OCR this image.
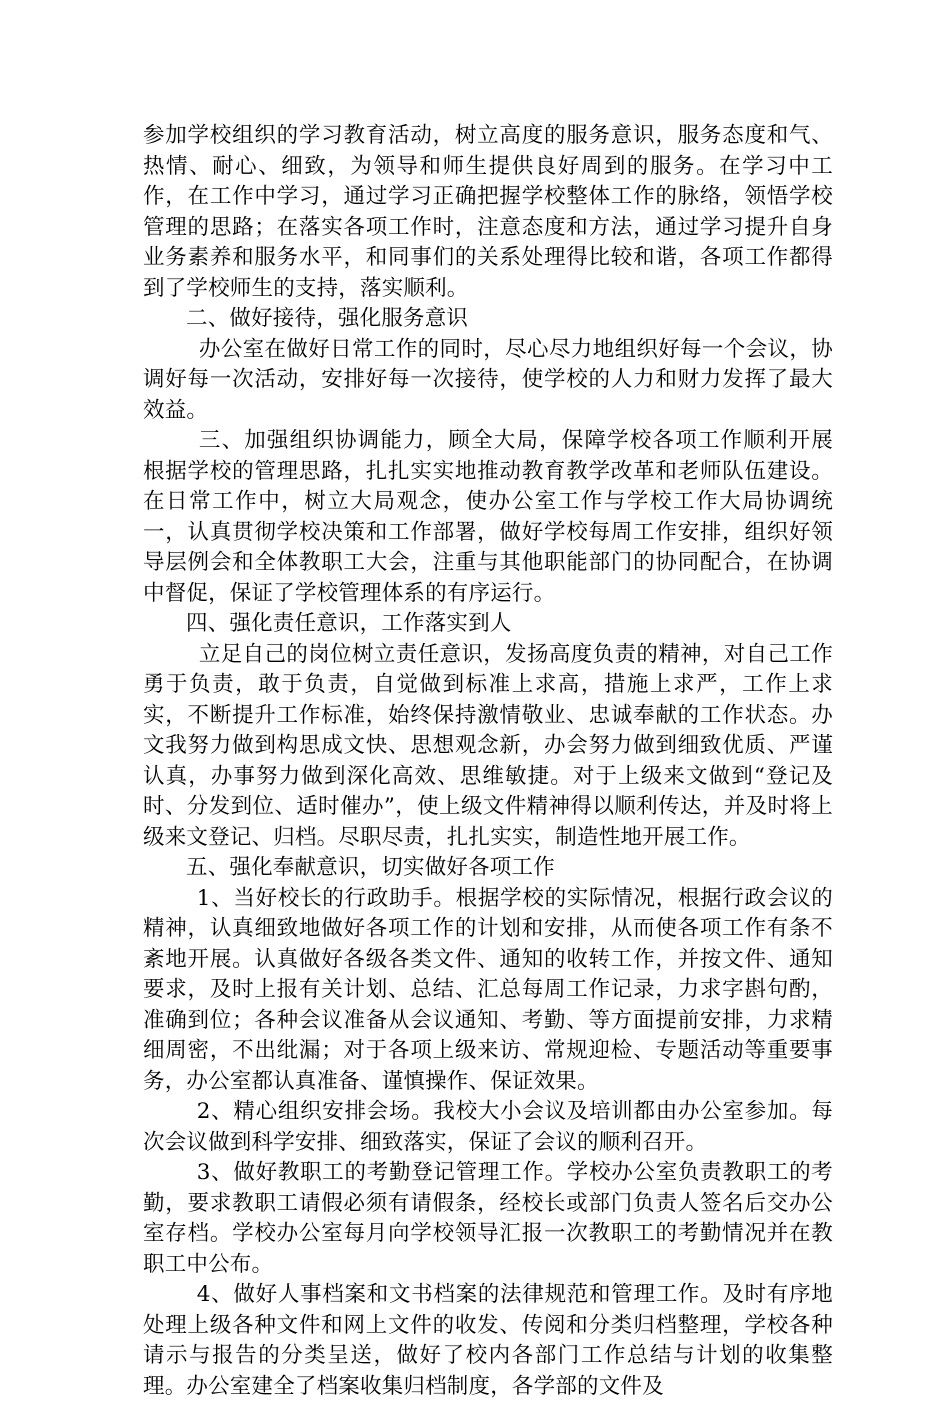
参加学校组织的学习教育活动，树立高度的服务意识，服务态度和气、热情、耐心、细致，为领导和师生提供良好周到的服务。在学习中工作，在工作中学习，通过学习正确把握学校整体工作的脉络，领悟学校管理的思路；在落实各项工作时，注意态度和方法，通过学习提升自身业务素养和服务水平，和同事们的关系处理得比较和谐，各项工作都得到了学校师生的支持，落实顺利。

二、做好接待，强化服务意识

办公室在做好日常工作的同时，尽心尽力地组织好每一个会议，协调好每一次活动，安排好每一次接待，使学校的人力和财力发挥了最大效益。

三、加强组织协调能力，顾全大局，保障学校各项工作顺利开展 根据学校的管理思路，扎扎实实地推动教育教学改革和老师队伍建设。在日常工作中，树立大局观念，使办公室工作与学校工作大局协调统一，认真贯彻学校决策和工作部署，做好学校每周工作安排，组织好领导层例会和全体教职工大会，注重与其他职能部门的协同配合，在协调中督促，保证了学校管理体系的有序运行。

四、强化责任意识，工作落实到人

立足自己的岗位树立责任意识，发扬高度负责的精神，对自己工作勇于负责，敢于负责，自觉做到标准上求高，措施上求严，工作上求实，不断提升工作标准，始终保持激情敬业、忠诚奉献的工作状态。办文我努力做到构思成文快、思想观念新，办会努力做到细致优质、严谨认真，办事努力做到深化高效、思维敏捷。对于上级来文做到“登记及时、分发到位、适时催办”，使上级文件精神得以顺利传达，并及时将上级来文登记、归档。尽职尽责，扎扎实实，制造性地开展工作。

五、强化奉献意识，切实做好各项工作

1、当好校长的行政助手。根据学校的实际情况，根据行政会议的精神，认真细致地做好各项工作的计划和安排，从而使各项工作有条不紊地开展。认真做好各级各类文件、通知的收转工作，并按文件、通知要求，及时上报有关计划、总结、汇总每周工作记录，力求字斟句酌，准确到位；各种会议准备从会议通知、考勤、等方面提前安排，力求精细周密，不出纰漏；对于各项上级来访、常规迎检、专题活动等重要事务，办公室都认真准备、谨慎操作、保证效果。

2、精心组织安排会场。我校大小会议及培训都由办公室参加。每次会议做到科学安排、细致落实，保证了会议的顺利召开。

3、做好教职工的考勤登记管理工作。学校办公室负责教职工的考勤，要求教职工请假必须有请假条，经校长或部门负责人签名后交办公室存档。学校办公室每月向学校领导汇报一次教职工的考勤情况并在教职工中公布。

4、做好人事档案和文书档案的法律规范和管理工作。及时有序地处理上级各种文件和网上文件的收发、传阅和分类归档整理，学校各种请示与报告的分类呈送，做好了校内各部门工作总结与计划的收集整理。办公室建全了档案收集归档制度，各学部的文件及
